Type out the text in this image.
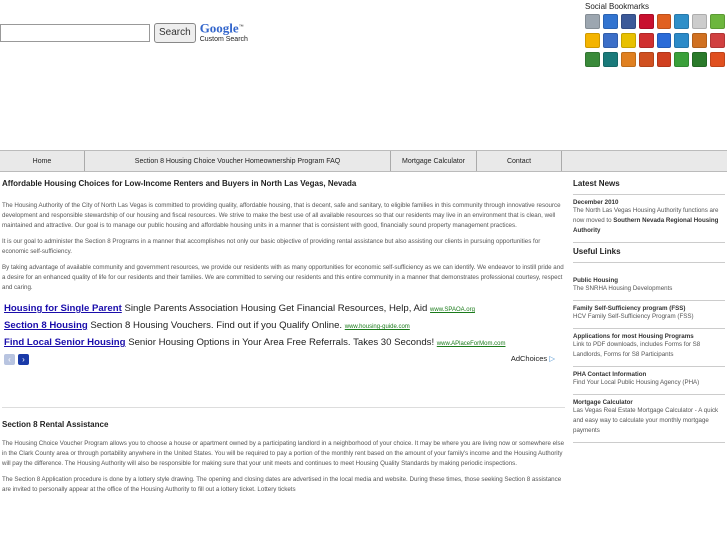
Search Google™
Custom Search
Social Bookmarks
Home	Section 8 Housing Choice Voucher Homeownership Program FAQ	Mortgage Calculator	Contact
Affordable Housing Choices for Low-Income Renters and Buyers in North Las Vegas, Nevada

The Housing Authority of the City of North Las Vegas is committed to providing quality, affordable housing, that is decent, safe and sanitary, to eligible families in this community through innovative resource development and responsible stewardship of our housing and fiscal resources. We strive to make the best use of all available resources so that our residents may live in an environment that is clean, well maintained and attractive. Our goal is to manage our public housing and affordable housing units in a manner that is consistent with good, financially sound property management practices.

It is our goal to administer the Section 8 Programs in a manner that accomplishes not only our basic objective of providing rental assistance but also assisting our clients in pursuing opportunities for economic self-sufficiency.

By taking advantage of available community and government resources, we provide our residents with as many opportunities for economic self-sufficiency as we can identify. We endeavor to instill pride and a desire for an enhanced quality of life for our residents and their families. We are committed to serving our residents and this entire community in a manner that demonstrates professional courtesy, respect and caring.

Housing for Single Parent Single Parents Association Housing Get Financial Resources, Help, Aid www.SPAOA.org
Section 8 Housing Section 8 Housing Vouchers. Find out if you Qualify Online. www.housing-guide.com
Find Local Senior Housing Senior Housing Options in Your Area Free Referrals. Takes 30 Seconds! www.APlaceForMom.com
‹	›	AdChoices ▷
Section 8 Rental Assistance

The Housing Choice Voucher Program allows you to choose a house or apartment owned by a participating landlord in a neighborhood of your choice. It may be where you are living now or somewhere else in the Clark County area or through portability anywhere in the United States. You will be required to pay a portion of the monthly rent based on the amount of your family's income and the Housing Authority will pay the difference. The Housing Authority will also be responsible for making sure that your unit meets and continues to meet Housing Quality Standards by making periodic inspections.

The Section 8 Application procedure is done by a lottery style drawing. The opening and closing dates are advertised in the local media and website. During these times, those seeking Section 8 assistance are invited to personally appear at the office of the Housing Authority to fill out a lottery ticket. Lottery tickets

Latest News
December 2010
The North Las Vegas Housing Authority functions are now moved to Southern Nevada Regional Housing Authority
Useful Links
Public Housing
The SNRHA Housing Developments
Family Self-Sufficiency program (FSS)
HCV Family Self-Sufficiency Program (FSS)
Applications for most Housing Programs
Link to PDF downloads, includes Forms for S8 Landlords, Forms for S8 Participants
PHA Contact Information
Find Your Local Public Housing Agency (PHA)
Mortgage Calculator
Las Vegas Real Estate Mortgage Calculator - A quick and easy way to calculate your monthly mortgage payments
